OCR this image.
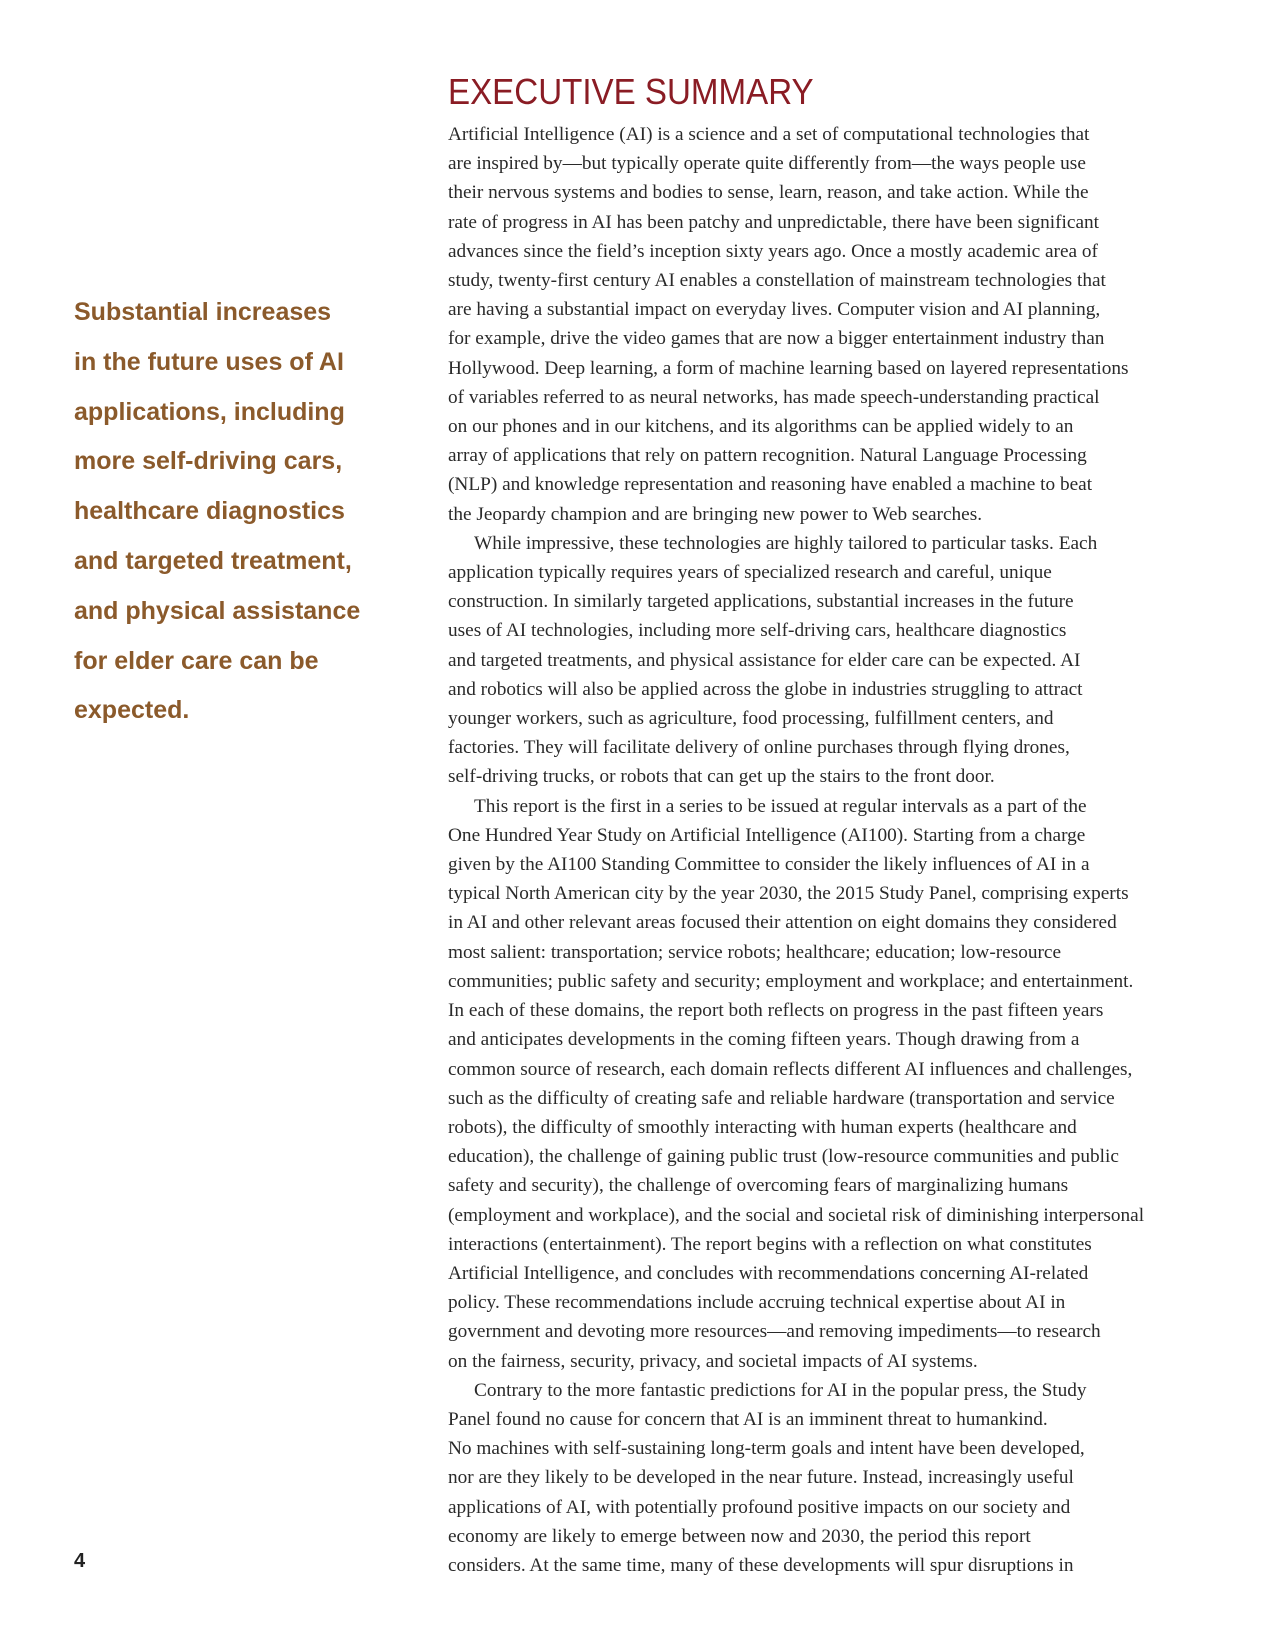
EXECUTIVE SUMMARY
Substantial increases
in the future uses of AI
applications, including
more self-driving cars,
healthcare diagnostics
and targeted treatment,
and physical assistance
for elder care can be
expected.

Artificial Intelligence (AI) is a science and a set of computational technologies that
are inspired by—but typically operate quite differently from—the ways people use
their nervous systems and bodies to sense, learn, reason, and take action. While the
rate of progress in AI has been patchy and unpredictable, there have been significant
advances since the field’s inception sixty years ago. Once a mostly academic area of
study, twenty-first century AI enables a constellation of mainstream technologies that
are having a substantial impact on everyday lives. Computer vision and AI planning,
for example, drive the video games that are now a bigger entertainment industry than
Hollywood. Deep learning, a form of machine learning based on layered representations
of variables referred to as neural networks, has made speech-understanding practical
on our phones and in our kitchens, and its algorithms can be applied widely to an
array of applications that rely on pattern recognition. Natural Language Processing
(NLP) and knowledge representation and reasoning have enabled a machine to beat
the Jeopardy champion and are bringing new power to Web searches.

While impressive, these technologies are highly tailored to particular tasks. Each
application typically requires years of specialized research and careful, unique
construction. In similarly targeted applications, substantial increases in the future
uses of AI technologies, including more self-driving cars, healthcare diagnostics
and targeted treatments, and physical assistance for elder care can be expected. AI
and robotics will also be applied across the globe in industries struggling to attract
younger workers, such as agriculture, food processing, fulfillment centers, and
factories. They will facilitate delivery of online purchases through flying drones,
self-driving trucks, or robots that can get up the stairs to the front door.

This report is the first in a series to be issued at regular intervals as a part of the
One Hundred Year Study on Artificial Intelligence (AI100). Starting from a charge
given by the AI100 Standing Committee to consider the likely influences of AI in a
typical North American city by the year 2030, the 2015 Study Panel, comprising experts
in AI and other relevant areas focused their attention on eight domains they considered
most salient: transportation; service robots; healthcare; education; low-resource
communities; public safety and security; employment and workplace; and entertainment.
In each of these domains, the report both reflects on progress in the past fifteen years
and anticipates developments in the coming fifteen years. Though drawing from a
common source of research, each domain reflects different AI influences and challenges,
such as the difficulty of creating safe and reliable hardware (transportation and service
robots), the difficulty of smoothly interacting with human experts (healthcare and
education), the challenge of gaining public trust (low-resource communities and public
safety and security), the challenge of overcoming fears of marginalizing humans
(employment and workplace), and the social and societal risk of diminishing interpersonal
interactions (entertainment). The report begins with a reflection on what constitutes
Artificial Intelligence, and concludes with recommendations concerning AI-related
policy. These recommendations include accruing technical expertise about AI in
government and devoting more resources—and removing impediments—to research
on the fairness, security, privacy, and societal impacts of AI systems.

Contrary to the more fantastic predictions for AI in the popular press, the Study
Panel found no cause for concern that AI is an imminent threat to humankind.
No machines with self-sustaining long-term goals and intent have been developed,
nor are they likely to be developed in the near future. Instead, increasingly useful
applications of AI, with potentially profound positive impacts on our society and
economy are likely to emerge between now and 2030, the period this report
considers. At the same time, many of these developments will spur disruptions in

4
